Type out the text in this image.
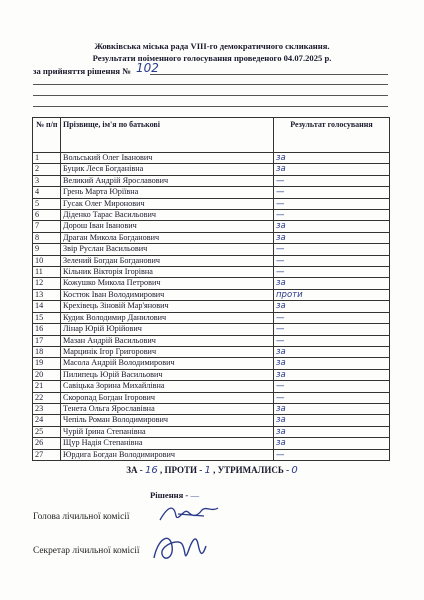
Жовківська міська рада VIII-го демократичного скликання.
Результати поіменного голосування проведеного 04.07.2025 р.
за прийняття рішення № 102
№ п/п	Прізвище, ім'я по батькові	Результат голосування
1	Вольський Олег Іванович	за
2	Буцик Леся Богданівна	за
3	Великий Андрій Ярославович	—
4	Грень Марта Юріївна	—
5	Гусак Олег Миронович	—
6	Діденко Тарас Васильович	—
7	Дорош Іван Іванович	за
8	Драган Микола Богданович	за
9	Звір Руслан Васильович	—
10	Зелений Богдан Богданович	—
11	Кільник Вікторія Ігорівна	—
12	Кожушко Микола Петрович	за
13	Костюк Іван Володимирович	проти
14	Крехівець Зіновій Мар'янович	за
15	Кудик Володимир Данилович	—
16	Лінар Юрій Юрійович	—
17	Мазан Андрій Васильович	—
18	Марцинік Ігор Григорович	за
19	Масола Андрій Володимирович	за
20	Пилипець Юрій Васильович	за
21	Савіцька Зорина Михайлівна	—
22	Скоропад Богдан Ігорович	—
23	Тенета Ольга Ярославівна	за
24	Чепіль Роман Володимирович	за
25	Чурій Ірина Степанівна	за
26	Щур Надія Степанівна	за
27	Юрдига Богдан Володимирович	—
ЗА - 16 , ПРОТИ - 1 , УТРИМАЛИСЬ - 0
Рішення - —
Голова лічильної комісії
Секретар лічильної комісії
